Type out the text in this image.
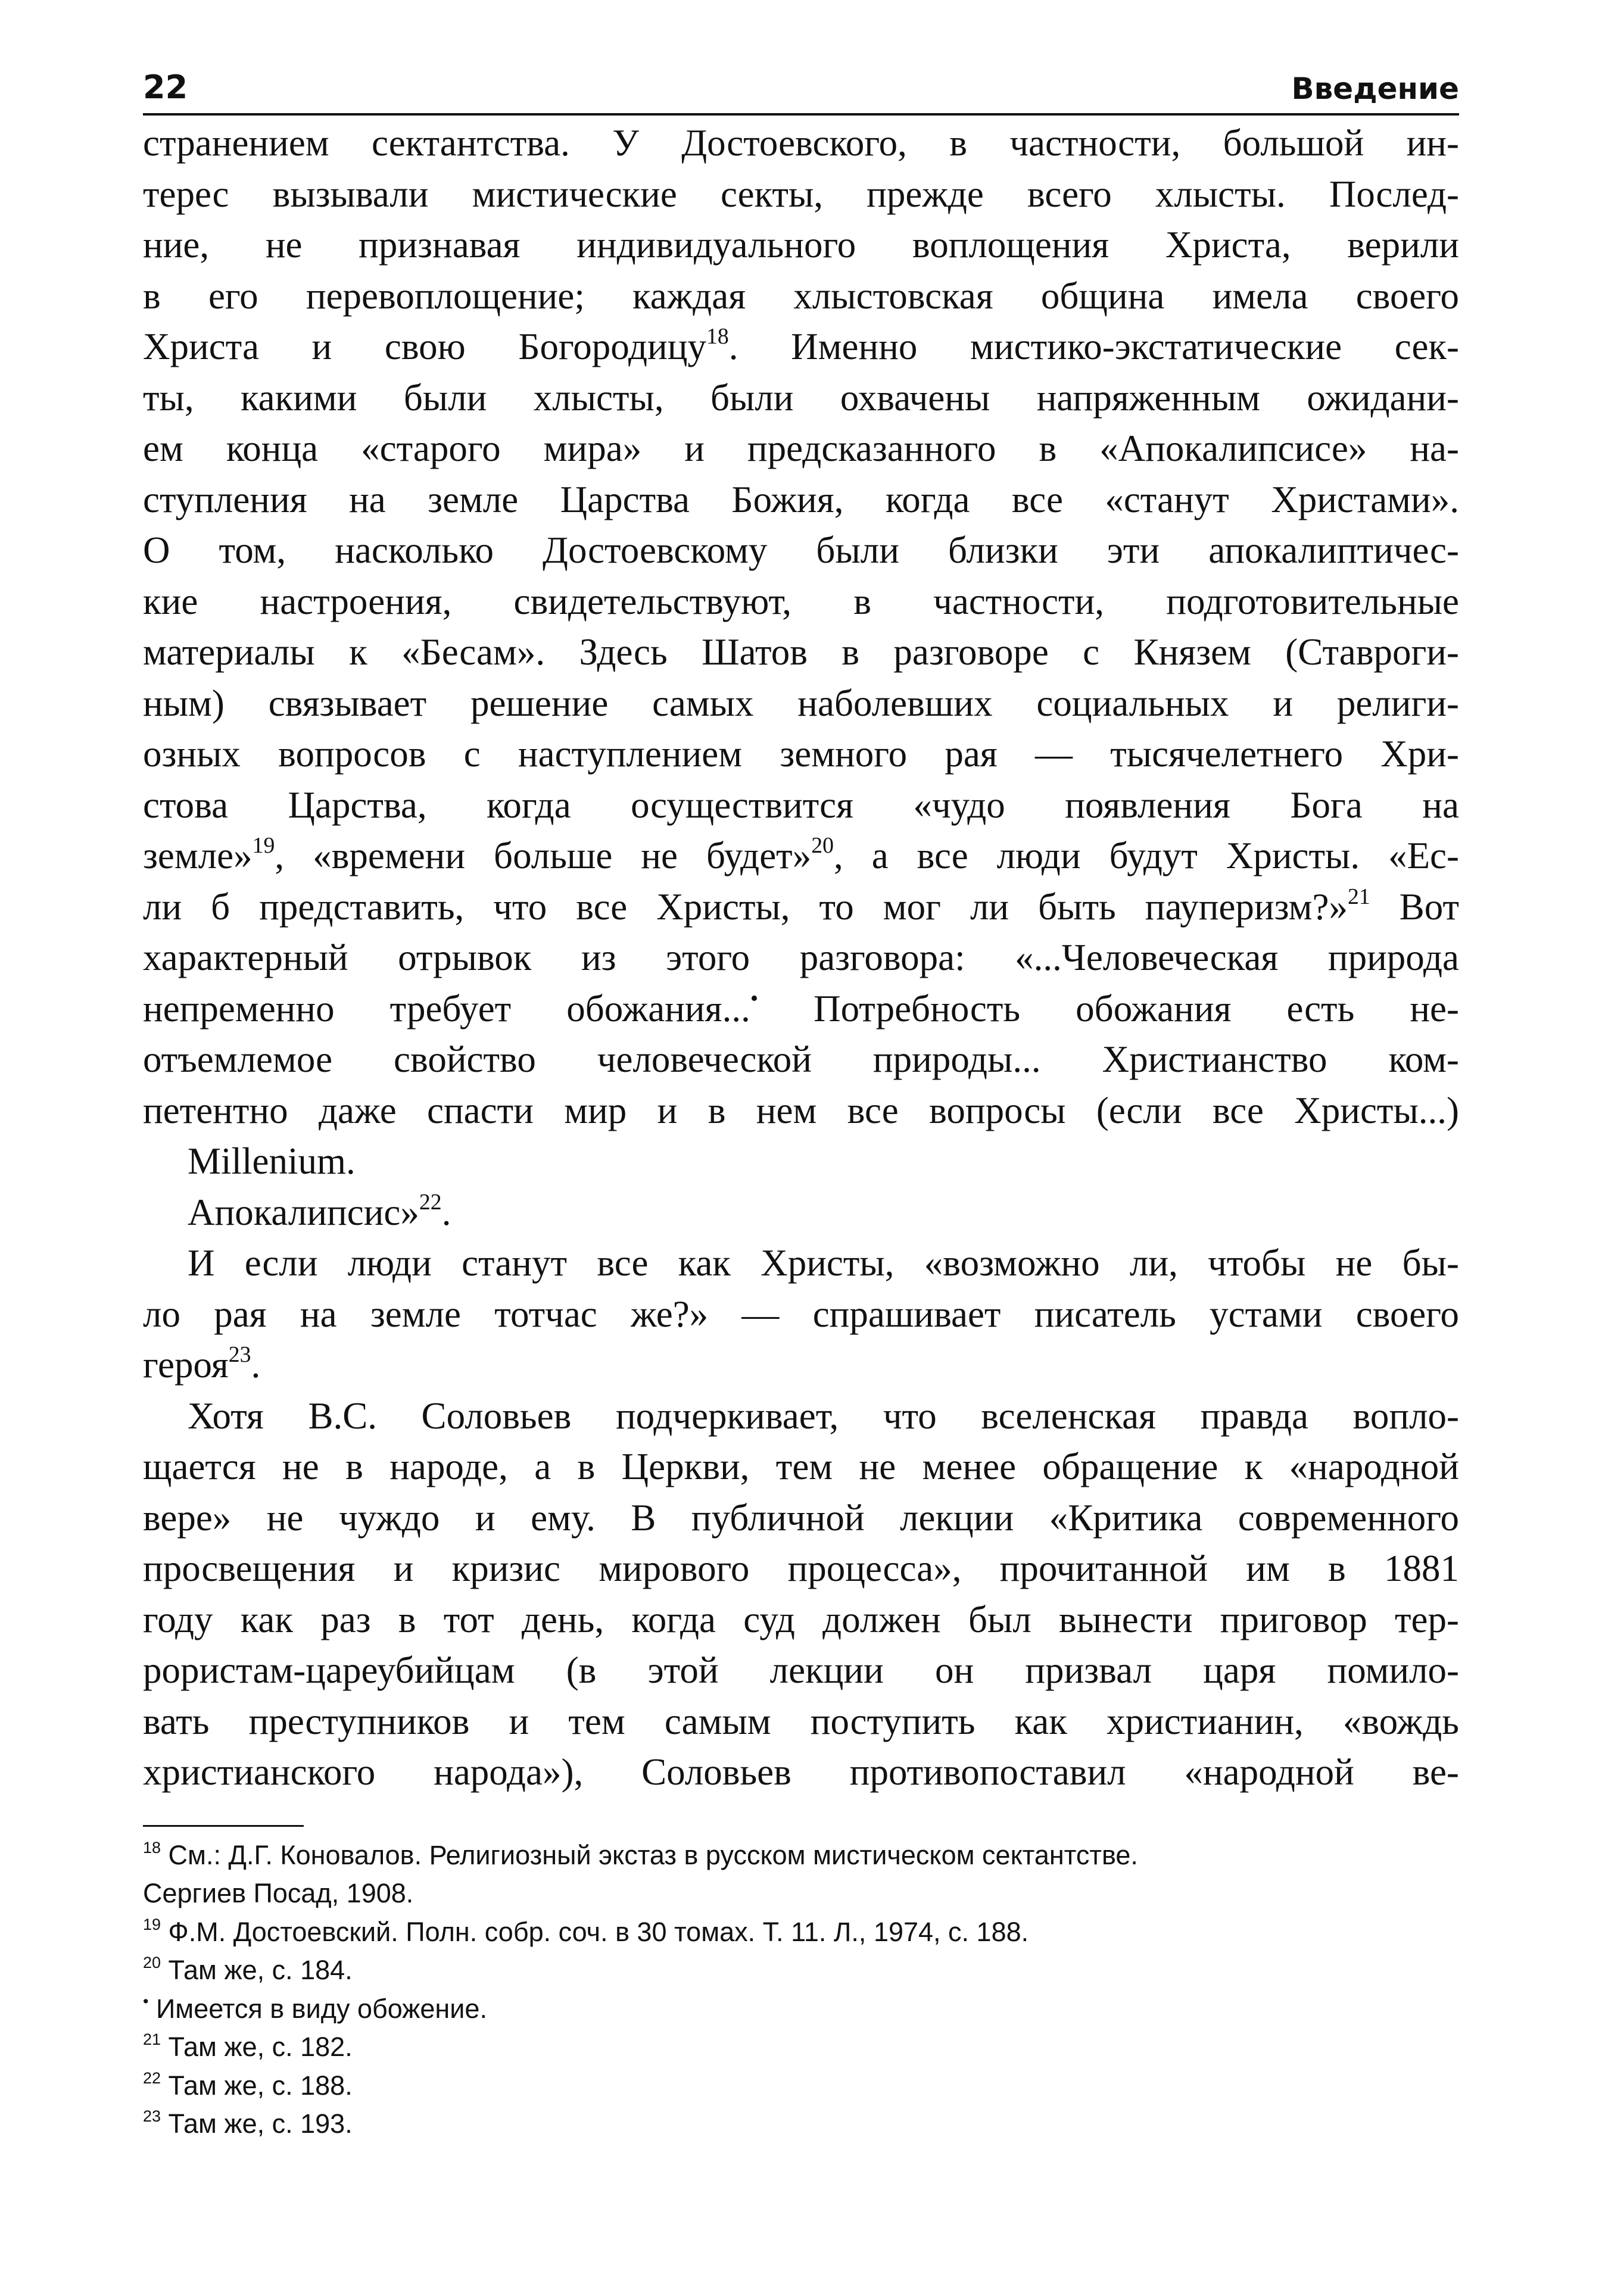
22	Введение

странением сектантства. У Достоевского, в частности, большой ин-

терес вызывали мистические секты, прежде всего хлысты. Послед-

ние, не признавая индивидуального воплощения Христа, верили

в его перевоплощение; каждая хлыстовская община имела своего

Христа и свою Богородицу$^{18}$. Именно мистико-экстатические сек-

ты, какими были хлысты, были охвачены напряженным ожидани-

ем конца «старого мира» и предсказанного в «Апокалипсисе» на-

ступления на земле Царства Божия, когда все «станут Христами».

О том, насколько Достоевскому были близки эти апокалиптичес-

кие настроения, свидетельствуют, в частности, подготовительные

материалы к «Бесам». Здесь Шатов в разговоре с Князем (Ставроги-

ным) связывает решение самых наболевших социальных и религи-

озных вопросов с наступлением земного рая — тысячелетнего Хри-

стова Царства, когда осуществится «чудо появления Бога на

земле»$^{19}$, «времени больше не будет»$^{20}$, а все люди будут Христы. «Ес-

ли б представить, что все Христы, то мог ли быть пауперизм?»$^{21}$ Вот

характерный отрывок из этого разговора: «...Человеческая природа

непременно требует обожания...• Потребность обожания есть не-

отъемлемое свойство человеческой природы... Христианство ком-

петентно даже спасти мир и в нем все вопросы (если все Христы...)

Millenium.

Апокалипсис»$^{22}$.

И если люди станут все как Христы, «возможно ли, чтобы не бы-

ло рая на земле тотчас же?» — спрашивает писатель устами своего

героя$^{23}$.

Хотя В.С. Соловьев подчеркивает, что вселенская правда вопло-

щается не в народе, а в Церкви, тем не менее обращение к «народной

вере» не чуждо и ему. В публичной лекции «Критика современного

просвещения и кризис мирового процесса», прочитанной им в 1881

году как раз в тот день, когда суд должен был вынести приговор тер-

рористам-цареубийцам (в этой лекции он призвал царя помило-

вать преступников и тем самым поступить как христианин, «вождь

христианского народа»), Соловьев противопоставил «народной ве-

$^{18}$ См.: Д.Г. Коновалов. Религиозный экстаз в русском мистическом сектантстве.

Сергиев Посад, 1908.

$^{19}$ Ф.М. Достоевский. Полн. собр. соч. в 30 томах. Т. 11. Л., 1974, с. 188.

$^{20}$ Там же, с. 184.

• Имеется в виду обожение.

$^{21}$ Там же, с. 182.

$^{22}$ Там же, с. 188.

$^{23}$ Там же, с. 193.
